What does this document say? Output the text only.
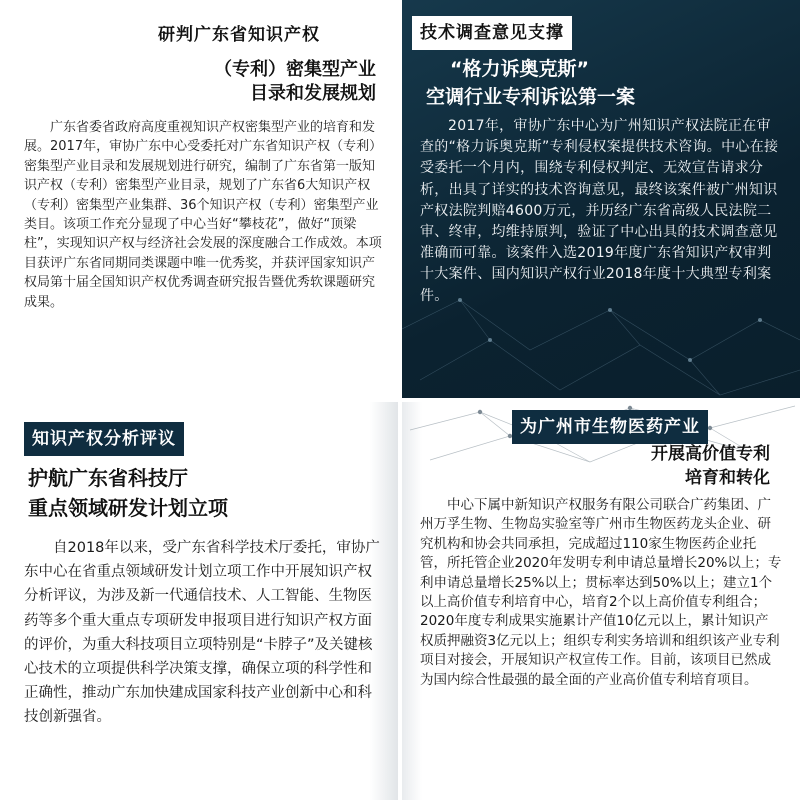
研判广东省知识产权
（专利）密集型产业
目录和发展规划
广东省委省政府高度重视知识产权密集型产业的培育和发展。2017年，审协广东中心受委托对广东省知识产权（专利）密集型产业目录和发展规划进行研究，编制了广东省第一版知识产权（专利）密集型产业目录，规划了广东省6大知识产权（专利）密集型产业集群、36个知识产权（专利）密集型产业类目。该项工作充分显现了中心当好“攀枝花”，做好“顶梁柱”，实现知识产权与经济社会发展的深度融合工作成效。本项目获评广东省同期同类课题中唯一优秀奖，并获评国家知识产权局第十届全国知识产权优秀调查研究报告暨优秀软课题研究成果。
技术调查意见支撑
“格力诉奥克斯”
空调行业专利诉讼第一案
2017年，审协广东中心为广州知识产权法院正在审查的“格力诉奥克斯”专利侵权案提供技术咨询。中心在接受委托一个月内，围绕专利侵权判定、无效宣告请求分析，出具了详实的技术咨询意见，最终该案件被广州知识产权法院判赔4600万元，并历经广东省高级人民法院二审、终审，均维持原判，验证了中心出具的技术调查意见准确而可靠。该案件入选2019年度广东省知识产权审判十大案件、国内知识产权行业2018年度十大典型专利案件。
知识产权分析评议
护航广东省科技厅
重点领域研发计划立项
自2018年以来，受广东省科学技术厅委托，审协广东中心在省重点领域研发计划立项工作中开展知识产权分析评议，为涉及新一代通信技术、人工智能、生物医药等多个重大重点专项研发申报项目进行知识产权方面的评价，为重大科技项目立项特别是“卡脖子”及关键核心技术的立项提供科学决策支撑，确保立项的科学性和正确性，推动广东加快建成国家科技产业创新中心和科技创新强省。
为广州市生物医药产业
开展高价值专利
培育和转化
中心下属中新知识产权服务有限公司联合广药集团、广州万孚生物、生物岛实验室等广州市生物医药龙头企业、研究机构和协会共同承担，完成超过110家生物医药企业托管，所托管企业2020年发明专利申请总量增长20%以上；专利申请总量增长25%以上；贯标率达到50%以上；建立1个以上高价值专利培育中心，培育2个以上高价值专利组合；2020年度专利成果实施累计产值10亿元以上，累计知识产权质押融资3亿元以上；组织专利实务培训和组织该产业专利项目对接会，开展知识产权宣传工作。目前，该项目已然成为国内综合性最强的最全面的产业高价值专利培育项目。
